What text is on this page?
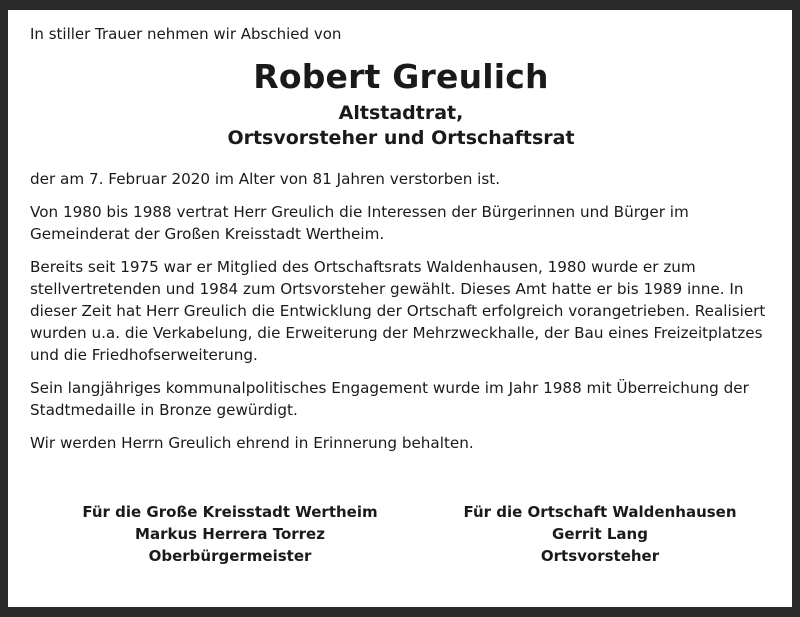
In stiller Trauer nehmen wir Abschied von

Robert Greulich
Altstadtrat,
Ortsvorsteher und Ortschaftsrat

der am 7. Februar 2020 im Alter von 81 Jahren verstorben ist.

Von 1980 bis 1988 vertrat Herr Greulich die Interessen der Bürgerinnen und Bürger im Gemeinderat der Großen Kreisstadt Wertheim.

Bereits seit 1975 war er Mitglied des Ortschaftsrats Waldenhausen, 1980 wurde er zum stellvertretenden und 1984 zum Ortsvorsteher gewählt. Dieses Amt hatte er bis 1989 inne. In dieser Zeit hat Herr Greulich die Entwicklung der Ortschaft erfolgreich vorangetrieben. Realisiert wurden u.a. die Verkabelung, die Erweiterung der Mehrzweckhalle, der Bau eines Freizeitplatzes und die Friedhofserweiterung.

Sein langjähriges kommunalpolitisches Engagement wurde im Jahr 1988 mit Überreichung der Stadtmedaille in Bronze gewürdigt.

Wir werden Herrn Greulich ehrend in Erinnerung behalten.

Für die Große Kreisstadt Wertheim
Markus Herrera Torrez
Oberbürgermeister
Für die Ortschaft Waldenhausen
Gerrit Lang
Ortsvorsteher
